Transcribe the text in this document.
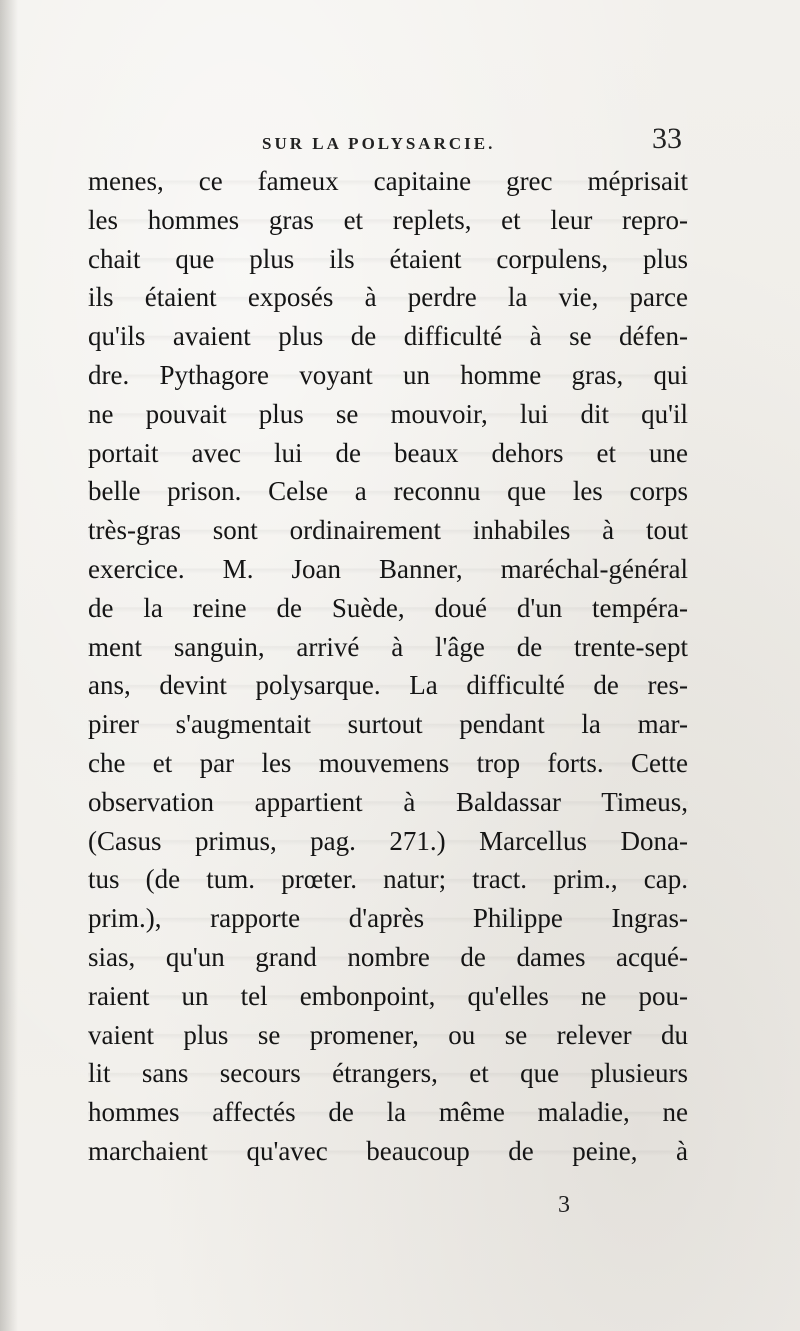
SUR LA POLYSARCIE.	33
menes, ce fameux capitaine grec méprisait
les hommes gras et replets, et leur repro-
chait que plus ils étaient corpulens, plus
ils étaient exposés à perdre la vie, parce
qu'ils avaient plus de difficulté à se défen-
dre. Pythagore voyant un homme gras, qui
ne pouvait plus se mouvoir, lui dit qu'il
portait avec lui de beaux dehors et une
belle prison. Celse a reconnu que les corps
très-gras sont ordinairement inhabiles à tout
exercice. M. Joan Banner, maréchal-général
de la reine de Suède, doué d'un tempéra-
ment sanguin, arrivé à l'âge de trente-sept
ans, devint polysarque. La difficulté de res-
pirer s'augmentait surtout pendant la mar-
che et par les mouvemens trop forts. Cette
observation appartient à Baldassar Timeus,
(Casus primus, pag. 271.) Marcellus Dona-
tus (de tum. prœter. natur; tract. prim., cap.
prim.), rapporte d'après Philippe Ingras-
sias, qu'un grand nombre de dames acqué-
raient un tel embonpoint, qu'elles ne pou-
vaient plus se promener, ou se relever du
lit sans secours étrangers, et que plusieurs
hommes affectés de la même maladie, ne
marchaient qu'avec beaucoup de peine, à
3
